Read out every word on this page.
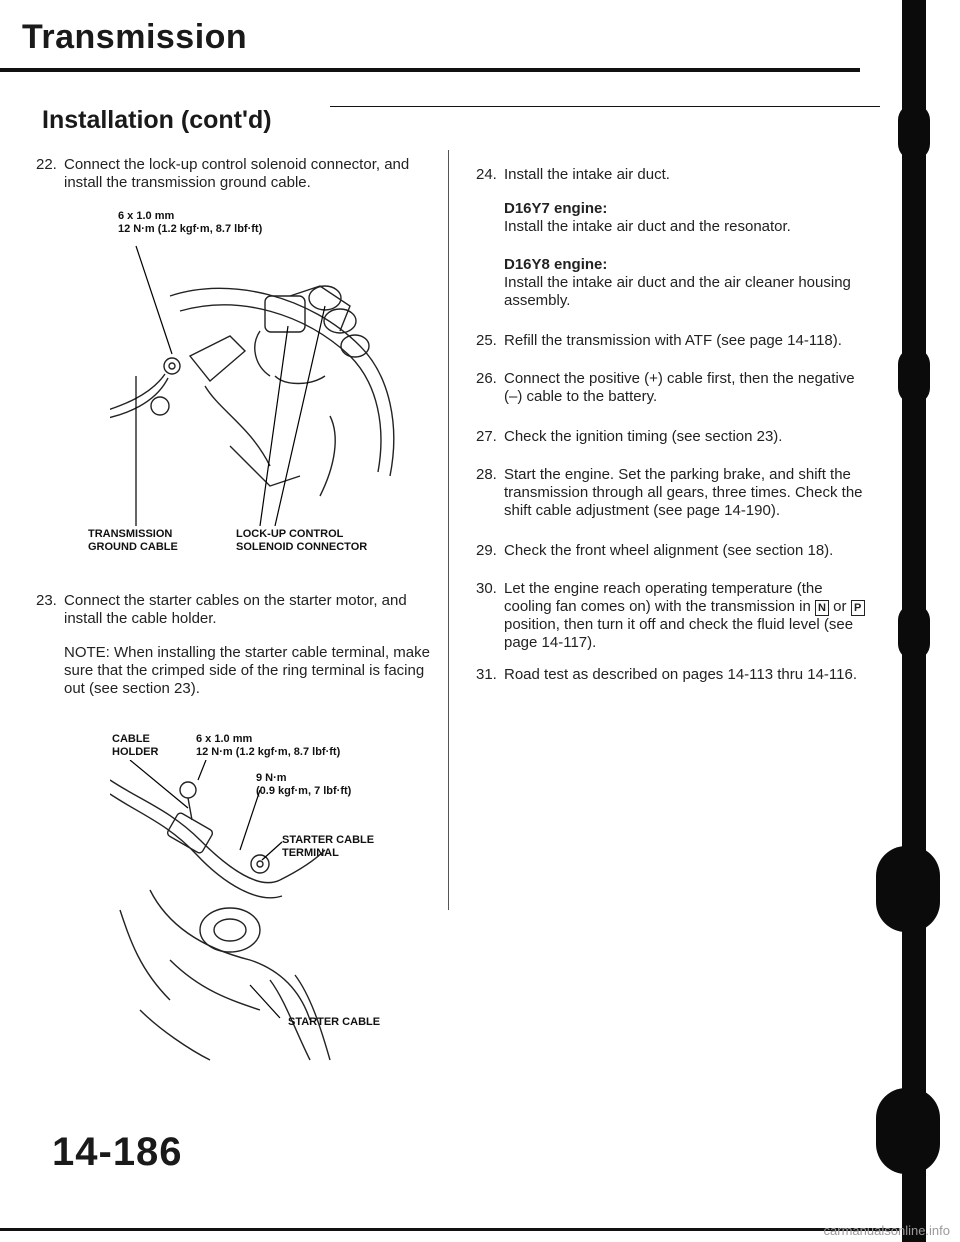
Transmission
Installation (cont'd)
22. Connect the lock-up control solenoid connector, and install the transmission ground cable.
6 x 1.0 mm
12 N·m (1.2 kgf·m, 8.7 lbf·ft)
TRANSMISSION
GROUND CABLE
LOCK-UP CONTROL
SOLENOID CONNECTOR
23. Connect the starter cables on the starter motor, and install the cable holder.
NOTE: When installing the starter cable terminal, make sure that the crimped side of the ring terminal is facing out (see section 23).
CABLE
HOLDER
6 x 1.0 mm
12 N·m (1.2 kgf·m, 8.7 lbf·ft)
9 N·m
(0.9 kgf·m, 7 lbf·ft)
STARTER CABLE
TERMINAL
STARTER CABLE
24. Install the intake air duct.
D16Y7 engine:
Install the intake air duct and the resonator.
D16Y8 engine:
Install the intake air duct and the air cleaner housing assembly.
25. Refill the transmission with ATF (see page 14-118).
26. Connect the positive (+) cable first, then the negative (–) cable to the battery.
27. Check the ignition timing (see section 23).
28. Start the engine. Set the parking brake, and shift the transmission through all gears, three times. Check the shift cable adjustment (see page 14-190).
29. Check the front wheel alignment (see section 18).
30. Let the engine reach operating temperature (the cooling fan comes on) with the transmission in N or P position, then turn it off and check the fluid level (see page 14-117).
31. Road test as described on pages 14-113 thru 14-116.
14-186
carmanualsonline.info
